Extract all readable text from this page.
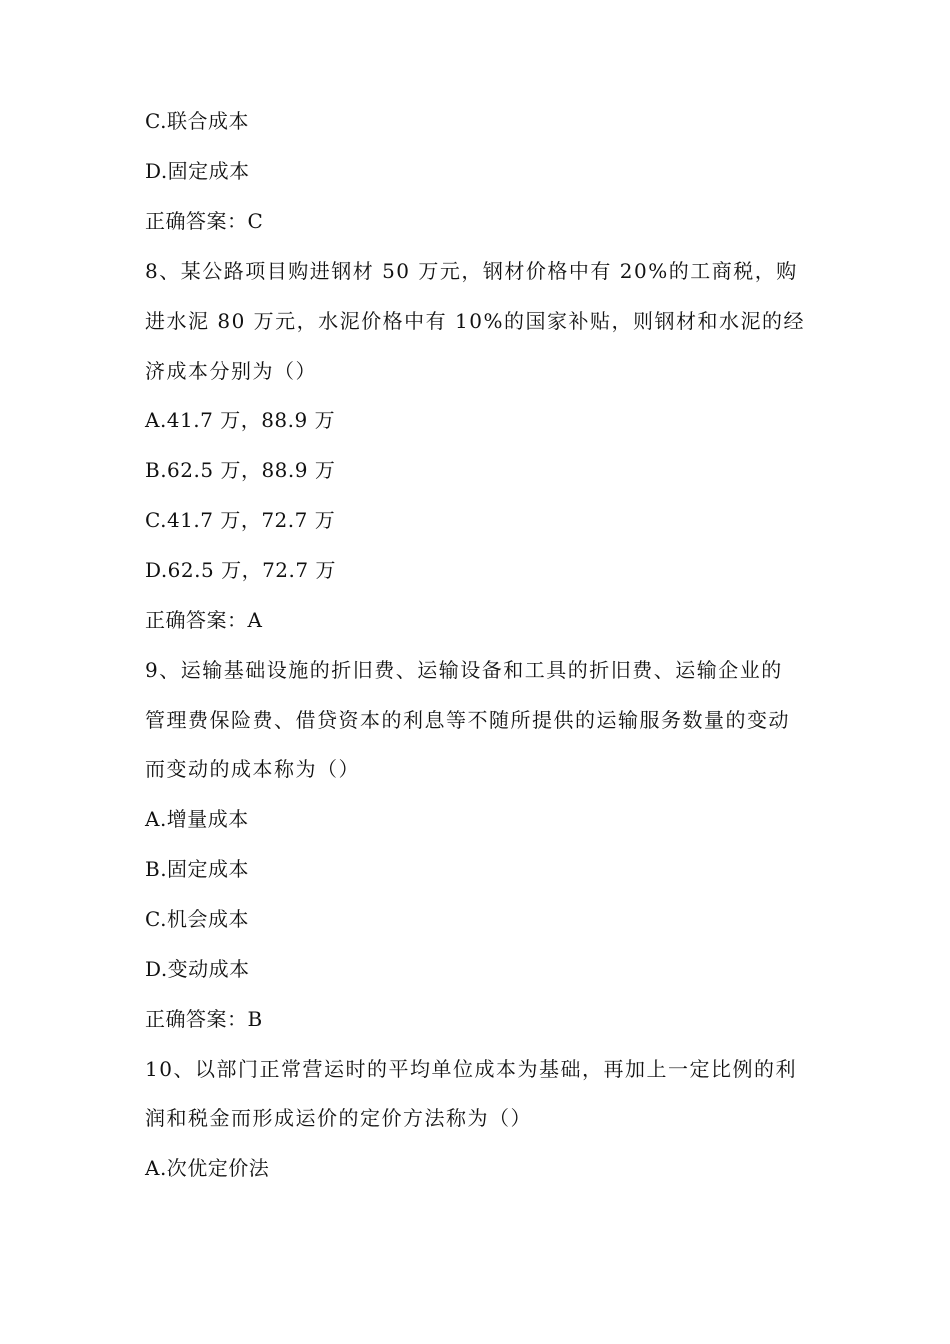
C.联合成本
D.固定成本
正确答案：C
8、某公路项目购进钢材 50 万元，钢材价格中有 20%的工商税，购
进水泥 80 万元，水泥价格中有 10%的国家补贴，则钢材和水泥的经
济成本分别为（）
A.41.7 万，88.9 万
B.62.5 万，88.9 万
C.41.7 万，72.7 万
D.62.5 万，72.7 万
正确答案：A
9、运输基础设施的折旧费、运输设备和工具的折旧费、运输企业的
管理费保险费、借贷资本的利息等不随所提供的运输服务数量的变动
而变动的成本称为（）
A.增量成本
B.固定成本
C.机会成本
D.变动成本
正确答案：B
10、以部门正常营运时的平均单位成本为基础，再加上一定比例的利
润和税金而形成运价的定价方法称为（）
A.次优定价法
